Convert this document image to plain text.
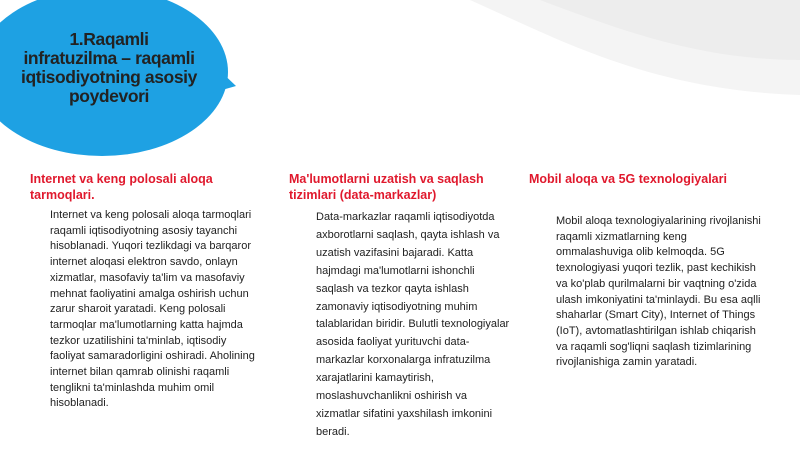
1.Raqamli
infratuzilma – raqamli
iqtisodiyotning asosiy
poydevori
Internet va keng polosali aloqa tarmoqlari.

Internet va keng polosali aloqa tarmoqlari raqamli iqtisodiyotning asosiy tayanchi hisoblanadi. Yuqori tezlikdagi va barqaror internet aloqasi elektron savdo, onlayn xizmatlar, masofaviy ta'lim va masofaviy mehnat faoliyatini amalga oshirish uchun zarur sharoit yaratadi. Keng polosali tarmoqlar ma'lumotlarning katta hajmda tezkor uzatilishini ta'minlab, iqtisodiy faoliyat samaradorligini oshiradi. Aholining internet bilan qamrab olinishi raqamli tenglikni ta'minlashda muhim omil hisoblanadi.

Ma'lumotlarni uzatish va saqlash tizimlari (data-markazlar)

Data-markazlar raqamli iqtisodiyotda axborotlarni saqlash, qayta ishlash va uzatish vazifasini bajaradi. Katta hajmdagi ma'lumotlarni ishonchli saqlash va tezkor qayta ishlash zamonaviy iqtisodiyotning muhim talablaridan biridir. Bulutli texnologiyalar asosida faoliyat yurituvchi data-markazlar korxonalarga infratuzilma xarajatlarini kamaytirish, moslashuvchanlikni oshirish va xizmatlar sifatini yaxshilash imkonini beradi.

Mobil aloqa va 5G texnologiyalari

Mobil aloqa texnologiyalarining rivojlanishi raqamli xizmatlarning keng ommalashuviga olib kelmoqda. 5G texnologiyasi yuqori tezlik, past kechikish va ko'plab qurilmalarni bir vaqtning o'zida ulash imkoniyatini ta'minlaydi. Bu esa aqlli shaharlar (Smart City), Internet of Things (IoT), avtomatlashtirilgan ishlab chiqarish va raqamli sog'liqni saqlash tizimlarining rivojlanishiga zamin yaratadi.
